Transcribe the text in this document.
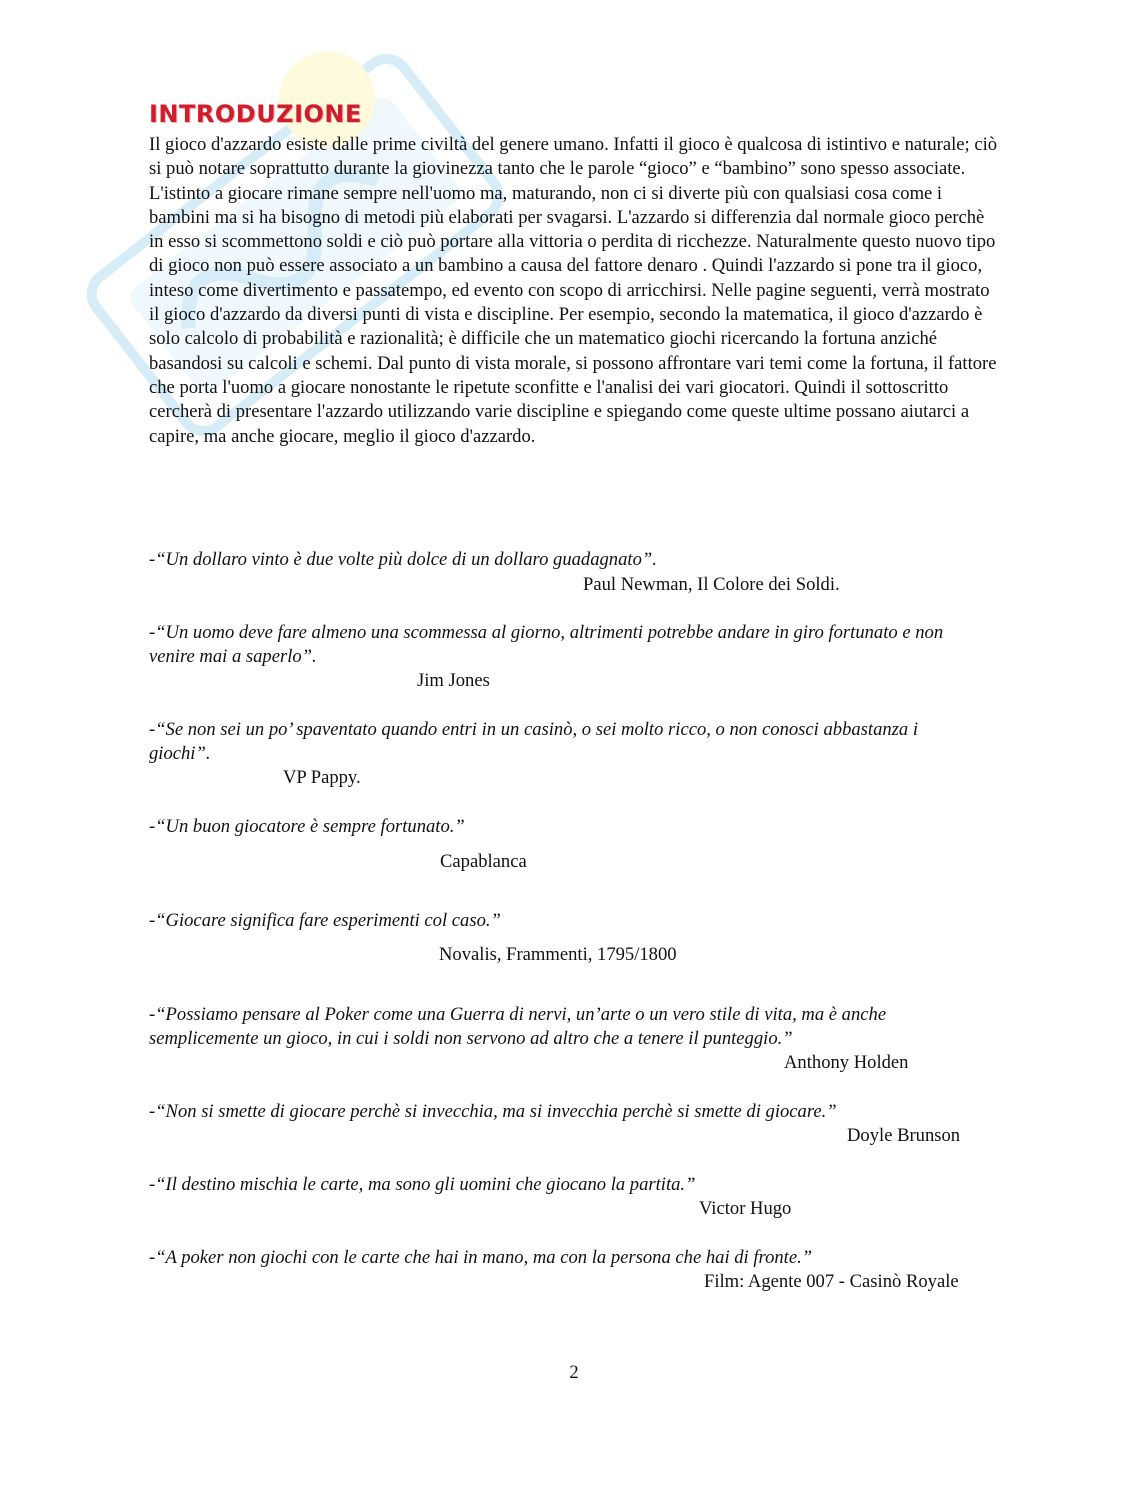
INTRODUZIONE

Il gioco d'azzardo esiste dalle prime civiltà del genere umano. Infatti il gioco è qualcosa di istintivo e naturale; ciò si può notare soprattutto durante la giovinezza tanto che le parole “gioco” e “bambino” sono spesso associate. L'istinto a giocare rimane sempre nell'uomo ma, maturando, non ci si diverte più con qualsiasi cosa come i bambini ma si ha bisogno di metodi più elaborati per svagarsi. L'azzardo si differenzia dal normale gioco perchè in esso si scommettono soldi e ciò può portare alla vittoria o perdita di ricchezze. Naturalmente questo nuovo tipo di gioco non può essere associato a un bambino a causa del fattore denaro . Quindi l'azzardo si pone tra il gioco, inteso come divertimento e passatempo, ed evento con scopo di arricchirsi. Nelle pagine seguenti, verrà mostrato il gioco d'azzardo da diversi punti di vista e discipline. Per esempio, secondo la matematica, il gioco d'azzardo è solo calcolo di probabilità e razionalità; è difficile che un matematico giochi ricercando la fortuna anziché basandosi su calcoli e schemi. Dal punto di vista morale, si possono affrontare vari temi come la fortuna, il fattore che porta l'uomo a giocare nonostante le ripetute sconfitte e l'analisi dei vari giocatori. Quindi il sottoscritto cercherà di presentare l'azzardo utilizzando varie discipline e spiegando come queste ultime possano aiutarci a capire, ma anche giocare, meglio il gioco d'azzardo.

-“Un dollaro vinto è due volte più dolce di un dollaro guadagnato”.

Paul Newman, Il Colore dei Soldi.

-“Un uomo deve fare almeno una scommessa al giorno, altrimenti potrebbe andare in giro fortunato e non venire mai a saperlo”.

Jim Jones

-“Se non sei un po’ spaventato quando entri in un casinò, o sei molto ricco, o non conosci abbastanza i giochi”.

VP Pappy.

-“Un buon giocatore è sempre fortunato.”

Capablanca

-“Giocare significa fare esperimenti col caso.”

Novalis, Frammenti, 1795/1800

-“Possiamo pensare al Poker come una Guerra di nervi, un’arte o un vero stile di vita, ma è anche semplicemente un gioco, in cui i soldi non servono ad altro che a tenere il punteggio.”

Anthony Holden

-“Non si smette di giocare perchè si invecchia, ma si invecchia perchè si smette di giocare.”

Doyle Brunson

-“Il destino mischia le carte, ma sono gli uomini che giocano la partita.”

Victor Hugo

-“A poker non giochi con le carte che hai in mano, ma con la persona che hai di fronte.”

Film: Agente 007 - Casinò Royale
2
